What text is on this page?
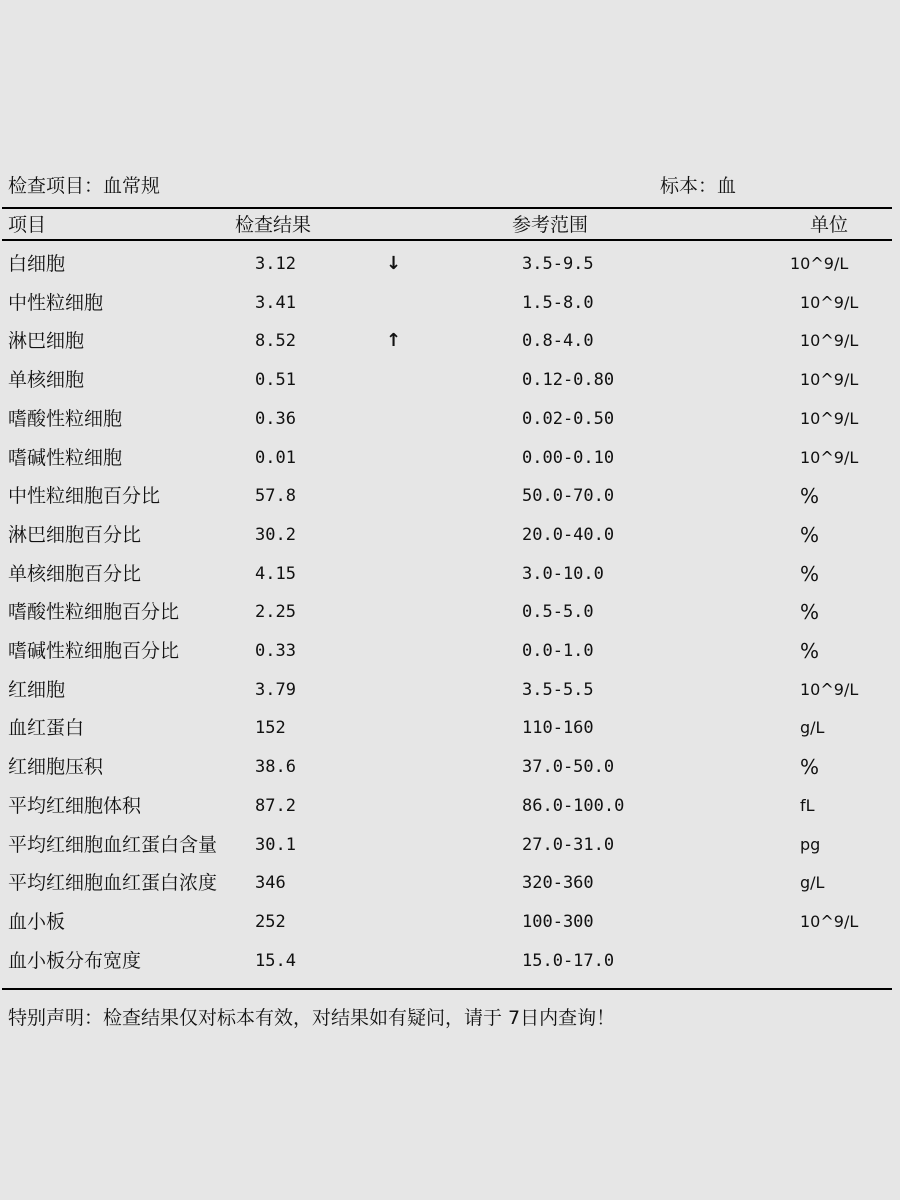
检查项目：血常规	标本：血
项目	检查结果	参考范围	单位
白细胞	3.12	↓	3.5-9.5	10^9/L
中性粒细胞	3.41	1.5-8.0	10^9/L
淋巴细胞	8.52	↑	0.8-4.0	10^9/L
单核细胞	0.51	0.12-0.80	10^9/L
嗜酸性粒细胞	0.36	0.02-0.50	10^9/L
嗜碱性粒细胞	0.01	0.00-0.10	10^9/L
中性粒细胞百分比	57.8	50.0-70.0	%
淋巴细胞百分比	30.2	20.0-40.0	%
单核细胞百分比	4.15	3.0-10.0	%
嗜酸性粒细胞百分比	2.25	0.5-5.0	%
嗜碱性粒细胞百分比	0.33	0.0-1.0	%
红细胞	3.79	3.5-5.5	10^9/L
血红蛋白	152	110-160	g/L
红细胞压积	38.6	37.0-50.0	%
平均红细胞体积	87.2	86.0-100.0	fL
平均红细胞血红蛋白含量 30.1	27.0-31.0	pg
平均红细胞血红蛋白浓度 346	320-360	g/L
血小板	252	100-300	10^9/L
血小板分布宽度	15.4	15.0-17.0
特别声明：检查结果仅对标本有效，对结果如有疑问，请于 7日内查询！
